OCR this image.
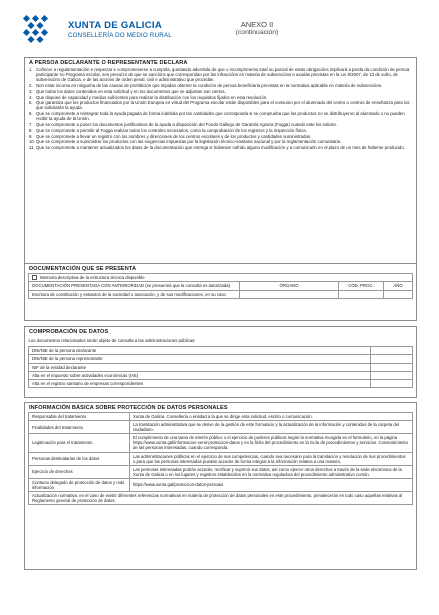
XUNTA DE GALICIA
CONSELLERÍA DO MEDIO RURAL
ANEXO II
(continuación)
A PERSOA DECLARANTE O REPRESENTANTE DECLARA
1. Coñecer a regulamentación e respectar e compromeserse a cumprila, quedando advertida de que o incumprimento total ou parcial de estas obrigacións implicará a perda da condición de persoa participante no Programa escolar, sen prexuízo de que se sancións que correspondan por las infraccións en materia de subvencións e axudas previstas en la Lei 9/2007, de 13 de xuño, de subvencións de Galicia, e de las accións de orden penal, civil e administrativo que procedan.
2. Non estar incursa en ningunha de las causas de prohibición que impidan obtener la condición de persoa beneficiaria previstas en la normativa aplicable en materia de subvencións.
3. Que todos los datos contenidos en esta solicitud y en los documentos que se adjuntan son ciertos.
4. Que dispone de capacidad y medios suficientes para realizar la distribución con los requisitos fijados en esta resolución.
5. Que garantiza que los productos financiados por la Unión Europea en virtud del Programa escolar están disponibles para el consumo por el alumnado del centro o centros de enseñanza para los que solicitarán la ayuda.
6. Que se compromete a reintegrar toda la ayuda pagada de forma indebida por las cantidades que corresponda si se comprueba que los productos no se distribuyeron al alumnado o no pueden recibir la ayuda de la Unión.
7. Que se compromete a poner los documentos justificativos de la ayuda a disposición del Fondo Gallego de Garantía Agraria (Fogga) cuando este los solicite.
8. Que se compromete a permitir al Fogga realizar todos los controles necesarios, como la comprobación de los registros y la inspección física.
9. Que se compromete a llevar un registro con los nombres y direcciones de los centros escolares y de los productos y cantidades suministradas.
10.Que se compromete a suministrar los productos con las exigencias impuestas por la legislación técnico-sanitaria nacional y por la reglamentación comunitaria.
11.Que se compromete a mantener actualizados los datos de la documentación que entrega si hubiesen sufrido alguna modificación y a comunicarlo en el plazo de un mes de haberse producido.
DOCUMENTACIÓN QUE SE PRESENTA
Memoria descriptiva de la estructura técnica disponible			
DOCUMENTACIÓN PRESENTADA CON ANTERIORIDAD (se presumirá que la consulta es autorizada)	ÓRGANO	CÓD. PROC.	AÑO
Escritura de constitución y estatutos de la sociedad o asociación, y de sus modificaciones, en su caso			
COMPROBACIÓN DE DATOS
Los documentos relacionados serán objeto de consulta a las administraciones públicas:	
DNI/NIE de la persona declarante	
DNI/NIE de la persona representante	
NIF de la entidad declarante	
Alta en el impuesto sobre actividades económicas (IAE)	
Alta en el registro sanitario de empresas correspondientes	
INFORMACIÓN BÁSICA SOBRE PROTECCIÓN DE DATOS PERSONALES
Responsable del tratamiento	Xunta de Galicia. Consellería o entidad a la que se dirige esta solicitud, escrito o comunicación.
Finalidades del tratamiento	La tramitación administrativa que se derive de la gestión de este formulario y la actualización de la información y contenidos de la carpeta del ciudadano.
Legitimación para el tratamiento	El cumplimiento de una tarea de interés público o el ejercicio de poderes públicos según la normativa recogida en el formulario, en la página https://www.xunta.gal/informacion-xeral-proteccion-datos y en la ficha del procedimiento en la Guía de procedimientos y servicios. Consentimiento de las personas interesadas, cuando corresponda.
Personas destinatarias de los datos	Las administraciones públicas en el ejercicio de sus competencias, cuando sea necesario para la tramitación y resolución de sus procedimientos o para que las personas interesadas puedan acceder de forma integral a la información relativa a una materia.
Ejercicio de derechos	Las personas interesadas podrán acceder, rectificar y suprimir sus datos, así como ejercer otros derechos a través de la sede electrónica de la Xunta de Galicia o en los lugares y registros establecidos en la normativa reguladora del procedimiento administrativo común.
Contacto delegado de protección de datos y más información	https://www.xunta.gal/proteccion-datos-persoais
Actualización normativa: en el caso de existir diferentes referencias normativas en materia de protección de datos personales en este procedimiento, prevalecerán en todo caso aquellas relativas al Reglamento general de protección de datos.	
